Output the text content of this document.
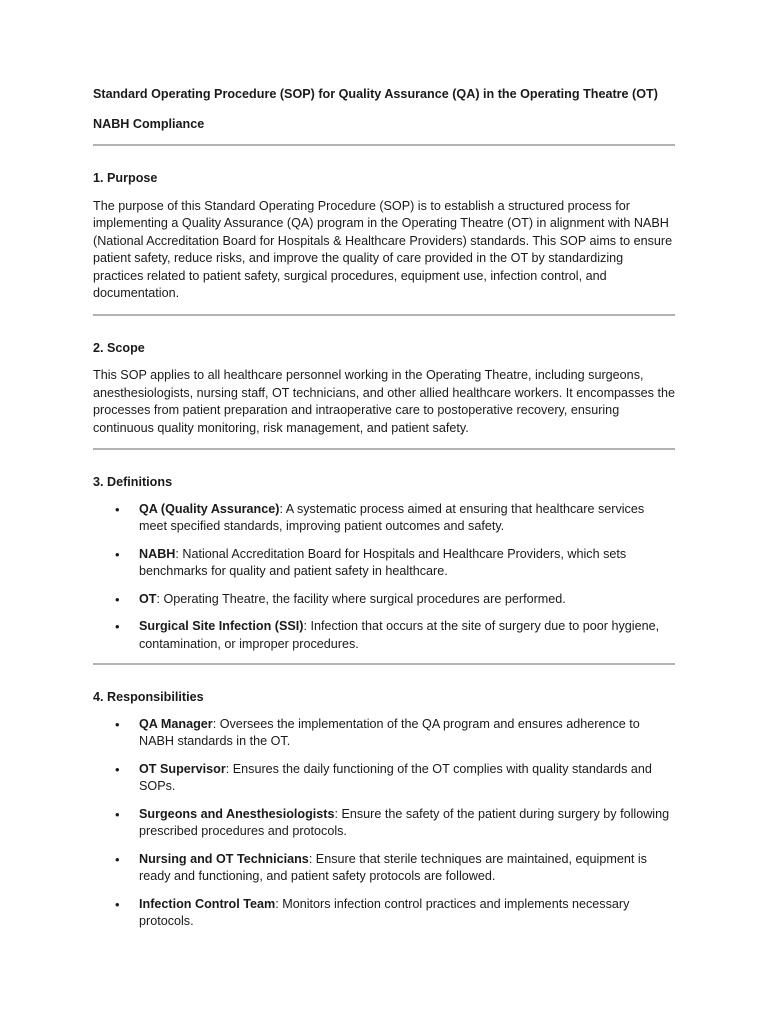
Standard Operating Procedure (SOP) for Quality Assurance (QA) in the Operating Theatre (OT)

NABH Compliance

1. Purpose

The purpose of this Standard Operating Procedure (SOP) is to establish a structured process for implementing a Quality Assurance (QA) program in the Operating Theatre (OT) in alignment with NABH (National Accreditation Board for Hospitals & Healthcare Providers) standards. This SOP aims to ensure patient safety, reduce risks, and improve the quality of care provided in the OT by standardizing practices related to patient safety, surgical procedures, equipment use, infection control, and documentation.

2. Scope

This SOP applies to all healthcare personnel working in the Operating Theatre, including surgeons, anesthesiologists, nursing staff, OT technicians, and other allied healthcare workers. It encompasses the processes from patient preparation and intraoperative care to postoperative recovery, ensuring continuous quality monitoring, risk management, and patient safety.

3. Definitions

• QA (Quality Assurance): A systematic process aimed at ensuring that healthcare services meet specified standards, improving patient outcomes and safety.
• NABH: National Accreditation Board for Hospitals and Healthcare Providers, which sets benchmarks for quality and patient safety in healthcare.
• OT: Operating Theatre, the facility where surgical procedures are performed.
• Surgical Site Infection (SSI): Infection that occurs at the site of surgery due to poor hygiene, contamination, or improper procedures.

4. Responsibilities

• QA Manager: Oversees the implementation of the QA program and ensures adherence to NABH standards in the OT.
• OT Supervisor: Ensures the daily functioning of the OT complies with quality standards and SOPs.
• Surgeons and Anesthesiologists: Ensure the safety of the patient during surgery by following prescribed procedures and protocols.
• Nursing and OT Technicians: Ensure that sterile techniques are maintained, equipment is ready and functioning, and patient safety protocols are followed.
• Infection Control Team: Monitors infection control practices and implements necessary protocols.
